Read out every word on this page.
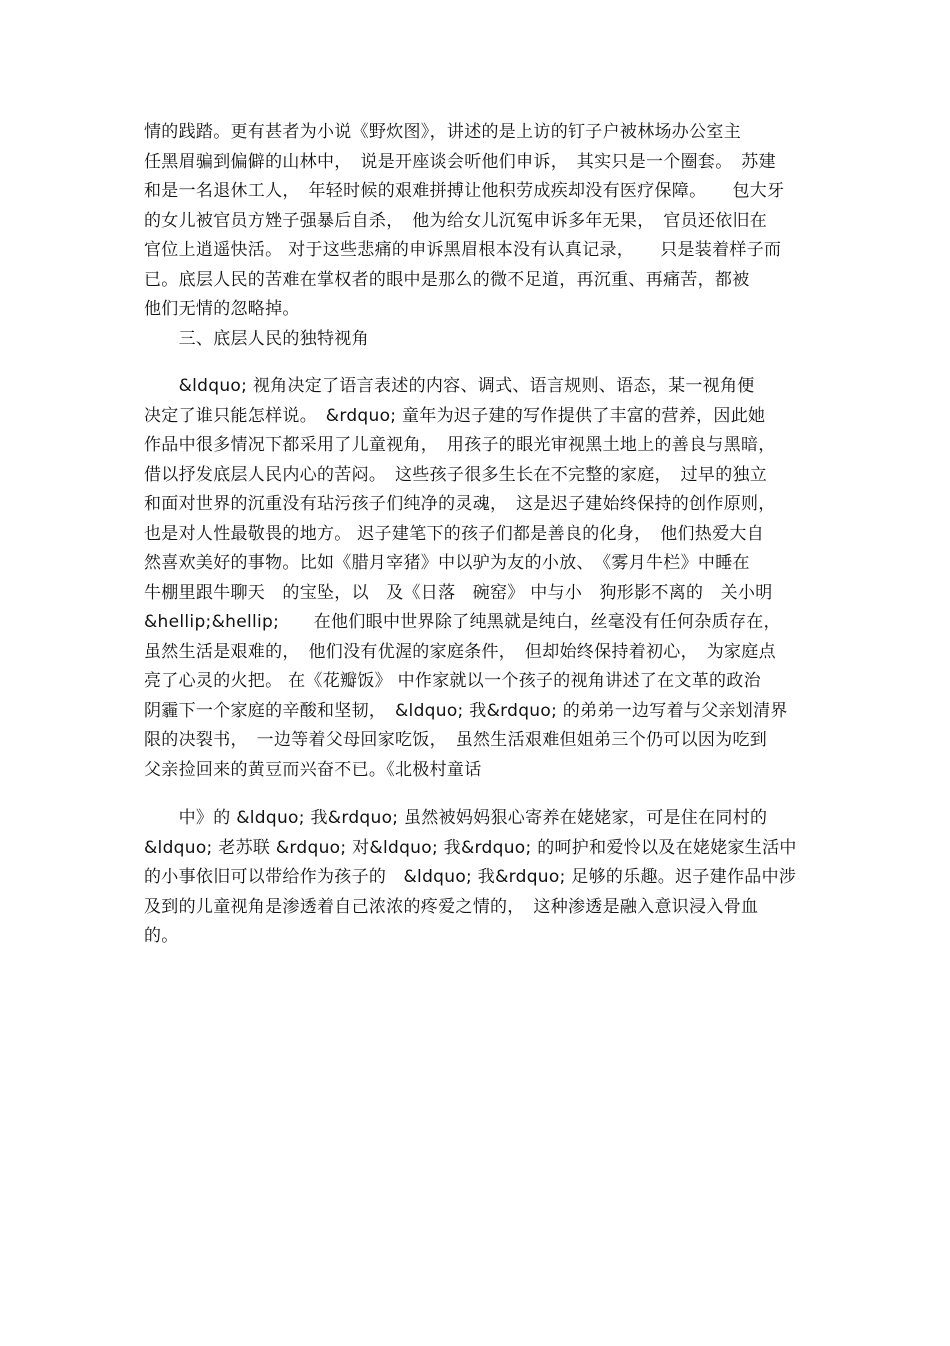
情的践踏。更有甚者为小说《野炊图》，讲述的是上访的钉子户被林场办公室主
任黑眉骗到偏僻的山林中，　说是开座谈会听他们申诉，　其实只是一个圈套。　苏建
和是一名退休工人，　年轻时候的艰难拼搏让他积劳成疾却没有医疗保障。　　包大牙
的女儿被官员方矬子强暴后自杀，　他为给女儿沉冤申诉多年无果，　官员还依旧在
官位上逍遥快活。 对于这些悲痛的申诉黑眉根本没有认真记录，　　只是装着样子而
已。底层人民的苦难在掌权者的眼中是那么的微不足道，再沉重、再痛苦，都被
他们无情的忽略掉。
　　三、底层人民的独特视角
　　&ldquo; 视角决定了语言表述的内容、调式、语言规则、语态，某一视角便
决定了谁只能怎样说。　&rdquo; 童年为迟子建的写作提供了丰富的营养，因此她
作品中很多情况下都采用了儿童视角，　用孩子的眼光审视黑土地上的善良与黑暗，
借以抒发底层人民内心的苦闷。　这些孩子很多生长在不完整的家庭，　过早的独立
和面对世界的沉重没有玷污孩子们纯净的灵魂，　这是迟子建始终保持的创作原则，
也是对人性最敬畏的地方。 迟子建笔下的孩子们都是善良的化身，　他们热爱大自
然喜欢美好的事物。比如《腊月宰猪》中以驴为友的小放、　《雾月牛栏》中睡在
牛棚里跟牛聊天　的宝坠，以　及《日落　碗窑》 中与小　狗形影不离的　关小明
&hellip;&hellip;　　在他们眼中世界除了纯黑就是纯白，丝毫没有任何杂质存在，
虽然生活是艰难的，　他们没有优渥的家庭条件，　但却始终保持着初心，　为家庭点
亮了心灵的火把。 在《花瓣饭》 中作家就以一个孩子的视角讲述了在文革的政治
阴霾下一个家庭的辛酸和坚韧，　&ldquo; 我&rdquo; 的弟弟一边写着与父亲划清界
限的决裂书，　一边等着父母回家吃饭，　虽然生活艰难但姐弟三个仍可以因为吃到
父亲捡回来的黄豆而兴奋不已。《北极村童话
　　中》的 &ldquo; 我&rdquo; 虽然被妈妈狠心寄养在姥姥家，可是住在同村的
&ldquo; 老苏联 &rdquo; 对&ldquo; 我&rdquo; 的呵护和爱怜以及在姥姥家生活中
的小事依旧可以带给作为孩子的　&ldquo; 我&rdquo; 足够的乐趣。迟子建作品中涉
及到的儿童视角是渗透着自己浓浓的疼爱之情的，　这种渗透是融入意识浸入骨血
的。
